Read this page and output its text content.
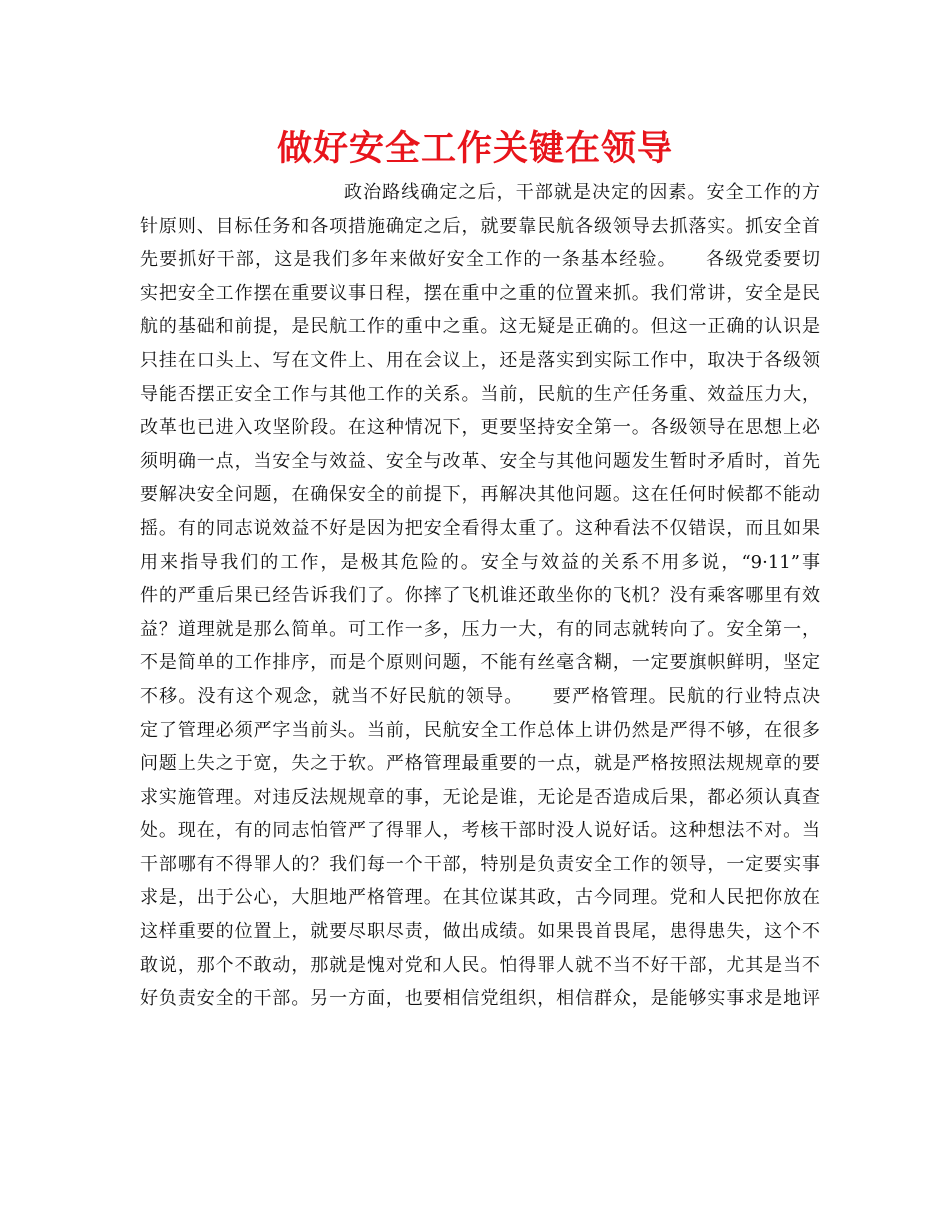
做好安全工作关键在领导
政治路线确定之后，干部就是决定的因素。安全工作的方
针原则、目标任务和各项措施确定之后，就要靠民航各级领导去抓落实。抓安全首
先要抓好干部，这是我们多年来做好安全工作的一条基本经验。　　各级党委要切
实把安全工作摆在重要议事日程，摆在重中之重的位置来抓。我们常讲，安全是民
航的基础和前提，是民航工作的重中之重。这无疑是正确的。但这一正确的认识是
只挂在口头上、写在文件上、用在会议上，还是落实到实际工作中，取决于各级领
导能否摆正安全工作与其他工作的关系。当前，民航的生产任务重、效益压力大，
改革也已进入攻坚阶段。在这种情况下，更要坚持安全第一。各级领导在思想上必
须明确一点，当安全与效益、安全与改革、安全与其他问题发生暂时矛盾时，首先
要解决安全问题，在确保安全的前提下，再解决其他问题。这在任何时候都不能动
摇。有的同志说效益不好是因为把安全看得太重了。这种看法不仅错误，而且如果
用来指导我们的工作，是极其危险的。安全与效益的关系不用多说，“9·11”事
件的严重后果已经告诉我们了。你摔了飞机谁还敢坐你的飞机？没有乘客哪里有效
益？道理就是那么简单。可工作一多，压力一大，有的同志就转向了。安全第一，
不是简单的工作排序，而是个原则问题，不能有丝毫含糊，一定要旗帜鲜明，坚定
不移。没有这个观念，就当不好民航的领导。　　要严格管理。民航的行业特点决
定了管理必须严字当前头。当前，民航安全工作总体上讲仍然是严得不够，在很多
问题上失之于宽，失之于软。严格管理最重要的一点，就是严格按照法规规章的要
求实施管理。对违反法规规章的事，无论是谁，无论是否造成后果，都必须认真查
处。现在，有的同志怕管严了得罪人，考核干部时没人说好话。这种想法不对。当
干部哪有不得罪人的？我们每一个干部，特别是负责安全工作的领导，一定要实事
求是，出于公心，大胆地严格管理。在其位谋其政，古今同理。党和人民把你放在
这样重要的位置上，就要尽职尽责，做出成绩。如果畏首畏尾，患得患失，这个不
敢说，那个不敢动，那就是愧对党和人民。怕得罪人就不当不好干部，尤其是当不
好负责安全的干部。另一方面，也要相信党组织，相信群众，是能够实事求是地评
